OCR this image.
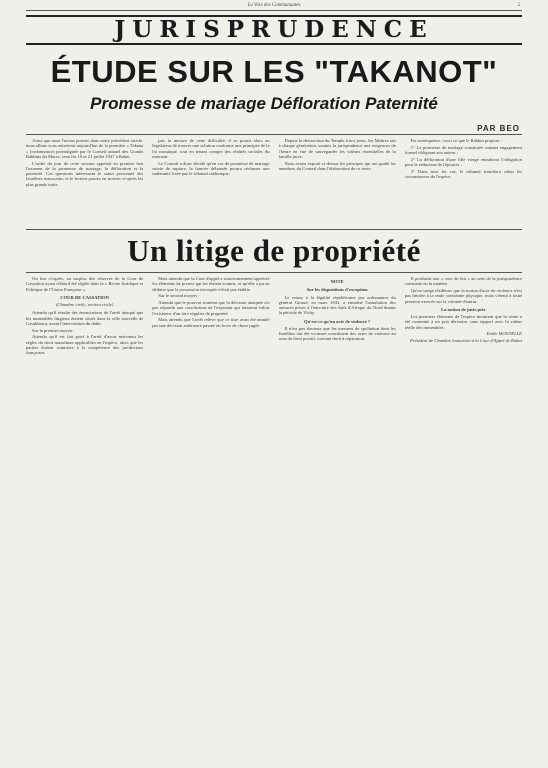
La Voix des Communautés	5
JURISPRUDENCE
ÉTUDE SUR LES "TAKANOT"
Promesse de mariage Défloration Paternité
PAR BEO

Ainsi que nous l'avons promis dans notre précédent article, nous allons vous entretenir aujourd'hui de la première « Takana » (ordonnance) promulguée par le Conseil annuel des Grands Rabbins du Maroc, tenu les 19 et 21 juillet 1947 à Rabat.

L'ordre du jour de cette session appelait en premier lieu l'examen de la promesse de mariage, la défloration et la paternité. Ces questions intéressent le statut personnel des Israélites marocains, et le lecteur pourra en trouver ci-après les plus grands traits.

pris la mesure de cette difficulté, il se posait alors au législateur de trouver une solution conforme aux principes de la loi mosaïque, tout en tenant compte des réalités sociales du moment.

Le Conseil a donc décidé qu'en cas de promesse de mariage suivie de rupture, la fiancée délaissée pourra réclamer une indemnité fixée par le tribunal rabbinique.

Depuis la destruction du Temple à nos jours, les Maîtres ont à chaque génération, soumis la jurisprudence aux exigences de l'heure en vue de sauvegarder les valeurs essentielles de la famille juive.

Nous avons exposé ci-dessus les principes qui ont guidé les membres du Conseil dans l'élaboration de ce texte.

En conséquence, voici ce que le Rabbin propose :

1° La promesse de mariage constituée comme engagement formel obligeant son auteur ;

2° La défloration d'une fille vierge entraînera l'obligation pour le séducteur de l'épouser ;

3° Dans tous les cas, le tribunal tranchera selon les circonstances de l'espèce.

Un litige de propriété

On lira ci-après, au surplus des réserves de la Cour de Cassation ayant d'abord été réglée dans la « Revue Juridique et Politique de l'Union Française ».

COUR DE CASSATION

(Chambre civile, section civile)

Attendu qu'il résulte des énonciations de l'arrêt attaqué que les immeubles litigieux étaient situés dans la ville nouvelle de Casablanca, avant l'intervention du dahir.

Sur le premier moyen :

Attendu qu'il est fait grief à l'arrêt d'avoir méconnu les règles du droit musulman applicables en l'espèce, alors que les parties étaient soumises à la compétence des juridictions françaises.

Mais attendu que la Cour d'appel a souverainement apprécié les éléments de preuve qui lui étaient soumis, et qu'elle a pu en déduire que la possession invoquée n'était pas établie.

Sur le second moyen :

Attendu que le pourvoi soutient que la décision attaquée n'a pas répondu aux conclusions de l'exposant qui faisaient valoir l'existence d'un titre régulier de propriété.

Mais attendu que l'arrêt relève que ce titre avait été annulé par une décision antérieure passée en force de chose jugée.

NOTE

Sur les dispositions d'exception

Le retour à la légalité républicaine par ordonnance du général Giraud, en mars 1943, a entraîné l'annulation des mesures prises à l'encontre des Juifs d'Afrique du Nord durant la période de Vichy.

Qu'est-ce qu'un acte de violence ?

Il n'est pas douteux que les mesures de spoliation dont les Israélites ont été victimes constituent des actes de violence au sens du droit positif, ouvrant droit à réparation.

Il produisit une « voie de fait » au sens de la jurisprudence constante en la matière.

Qu'on songe d'ailleurs que la notion d'acte de violence n'est pas limitée à la seule contrainte physique, mais s'étend à toute pression exercée sur la volonté d'autrui.

La notion de juste prix

Les premiers éléments de l'espèce montrent que la vente a été consentie à un prix dérisoire, sans rapport avec la valeur réelle des immeubles.

Emile MONTELLE

Président de Chambre honoraire à la Cour d'Appel de Rabat
